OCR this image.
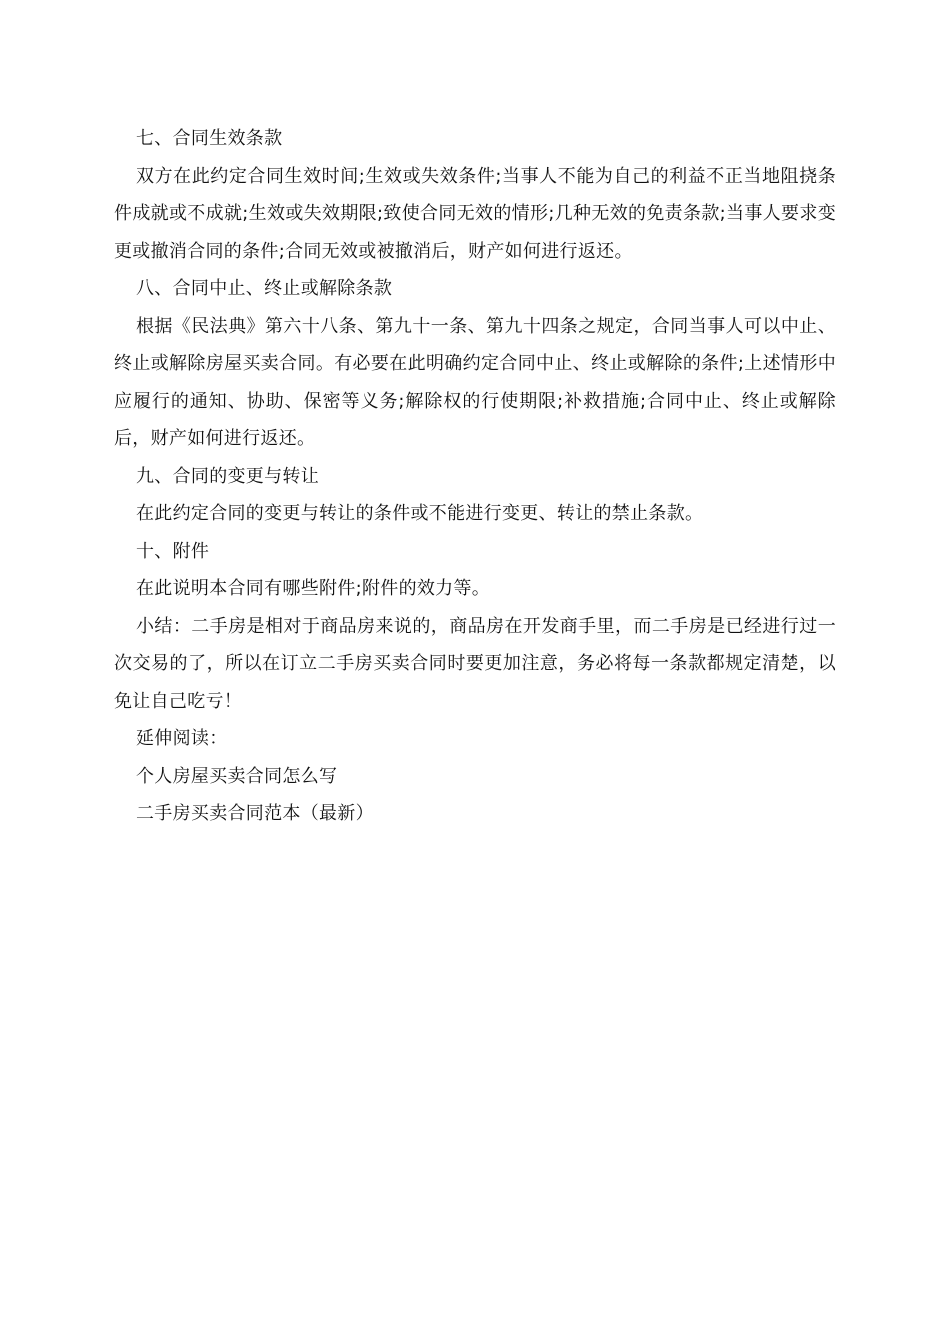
七、合同生效条款

双方在此约定合同生效时间;生效或失效条件;当事人不能为自己的利益不正当地阻挠条件成就或不成就;生效或失效期限;致使合同无效的情形;几种无效的免责条款;当事人要求变更或撤消合同的条件;合同无效或被撤消后，财产如何进行返还。

八、合同中止、终止或解除条款

根据《民法典》第六十八条、第九十一条、第九十四条之规定，合同当事人可以中止、终止或解除房屋买卖合同。有必要在此明确约定合同中止、终止或解除的条件;上述情形中应履行的通知、协助、保密等义务;解除权的行使期限;补救措施;合同中止、终止或解除后，财产如何进行返还。

九、合同的变更与转让

在此约定合同的变更与转让的条件或不能进行变更、转让的禁止条款。

十、附件

在此说明本合同有哪些附件;附件的效力等。

小结：二手房是相对于商品房来说的，商品房在开发商手里，而二手房是已经进行过一次交易的了，所以在订立二手房买卖合同时要更加注意，务必将每一条款都规定清楚，以免让自己吃亏！

延伸阅读：

个人房屋买卖合同怎么写

二手房买卖合同范本（最新）
